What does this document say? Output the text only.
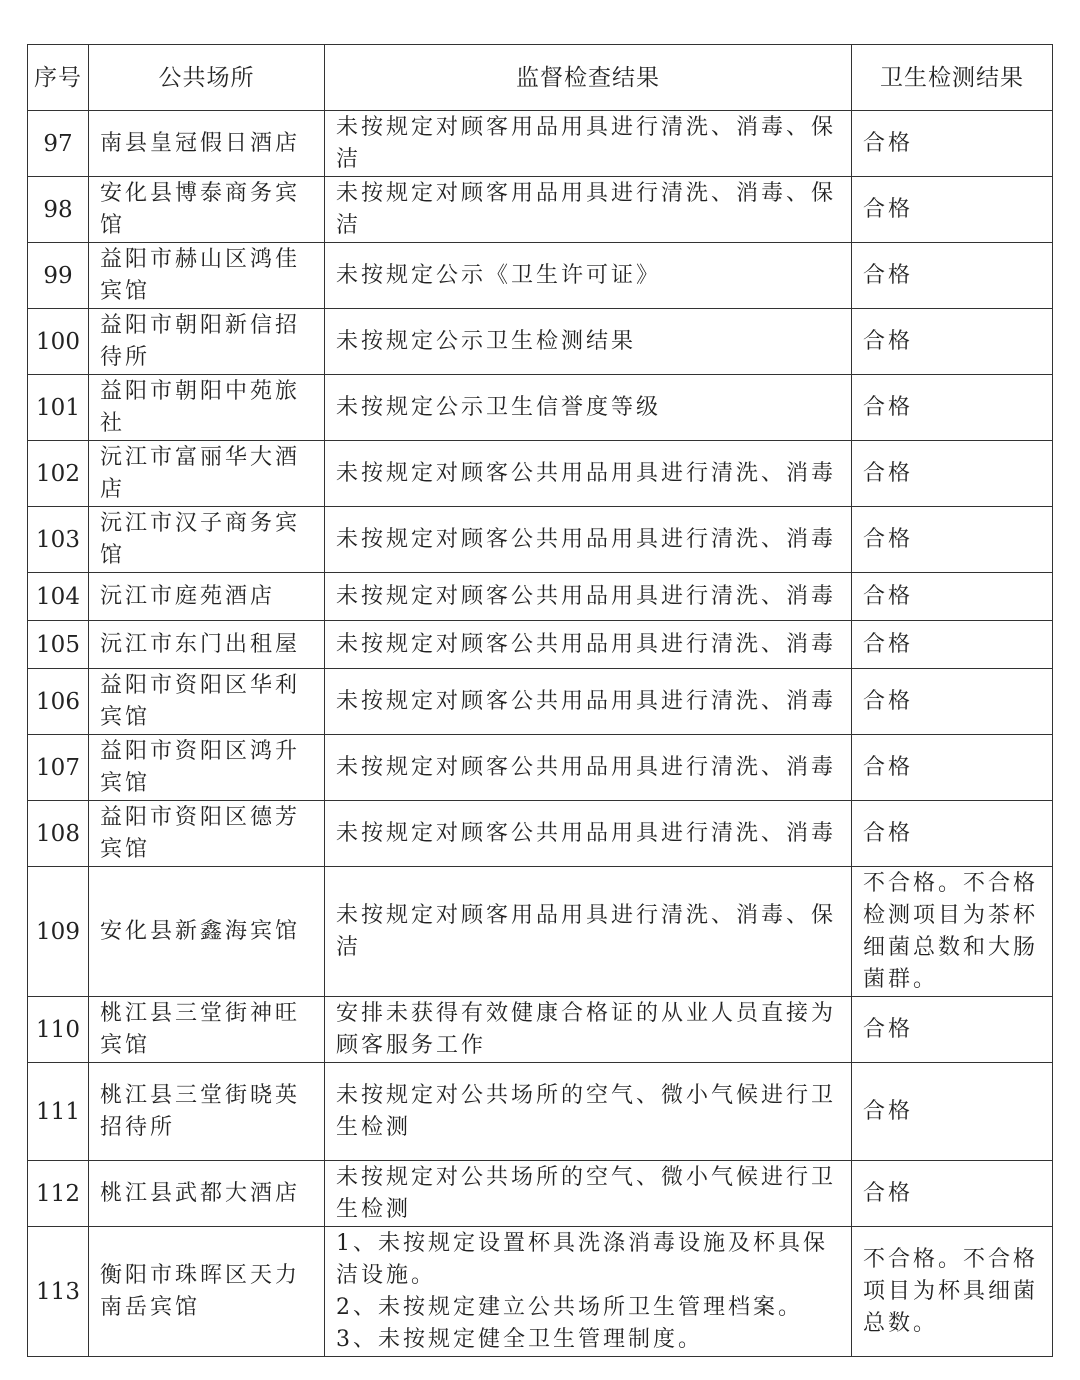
序号	公共场所	监督检查结果	卫生检测结果
97	南县皇冠假日酒店	未按规定对顾客用品用具进行清洗、消毒、保洁	合格
98	安化县博泰商务宾馆	未按规定对顾客用品用具进行清洗、消毒、保洁	合格
99	益阳市赫山区鸿佳宾馆	未按规定公示《卫生许可证》	合格
100	益阳市朝阳新信招待所	未按规定公示卫生检测结果	合格
101	益阳市朝阳中苑旅社	未按规定公示卫生信誉度等级	合格
102	沅江市富丽华大酒店	未按规定对顾客公共用品用具进行清洗、消毒	合格
103	沅江市汉子商务宾馆	未按规定对顾客公共用品用具进行清洗、消毒	合格
104	沅江市庭苑酒店	未按规定对顾客公共用品用具进行清洗、消毒	合格
105	沅江市东门出租屋	未按规定对顾客公共用品用具进行清洗、消毒	合格
106	益阳市资阳区华利宾馆	未按规定对顾客公共用品用具进行清洗、消毒	合格
107	益阳市资阳区鸿升宾馆	未按规定对顾客公共用品用具进行清洗、消毒	合格
108	益阳市资阳区德芳宾馆	未按规定对顾客公共用品用具进行清洗、消毒	合格
109	安化县新鑫海宾馆	未按规定对顾客用品用具进行清洗、消毒、保洁	不合格。不合格检测项目为茶杯细菌总数和大肠菌群。
110	桃江县三堂街神旺宾馆	安排未获得有效健康合格证的从业人员直接为顾客服务工作	合格
111	桃江县三堂街晓英招待所	未按规定对公共场所的空气、微小气候进行卫生检测	合格
112	桃江县武都大酒店	未按规定对公共场所的空气、微小气候进行卫生检测	合格
113	衡阳市珠晖区天力南岳宾馆	1、未按规定设置杯具洗涤消毒设施及杯具保洁设施。
2、未按规定建立公共场所卫生管理档案。
3、未按规定健全卫生管理制度。	不合格。不合格项目为杯具细菌总数。
